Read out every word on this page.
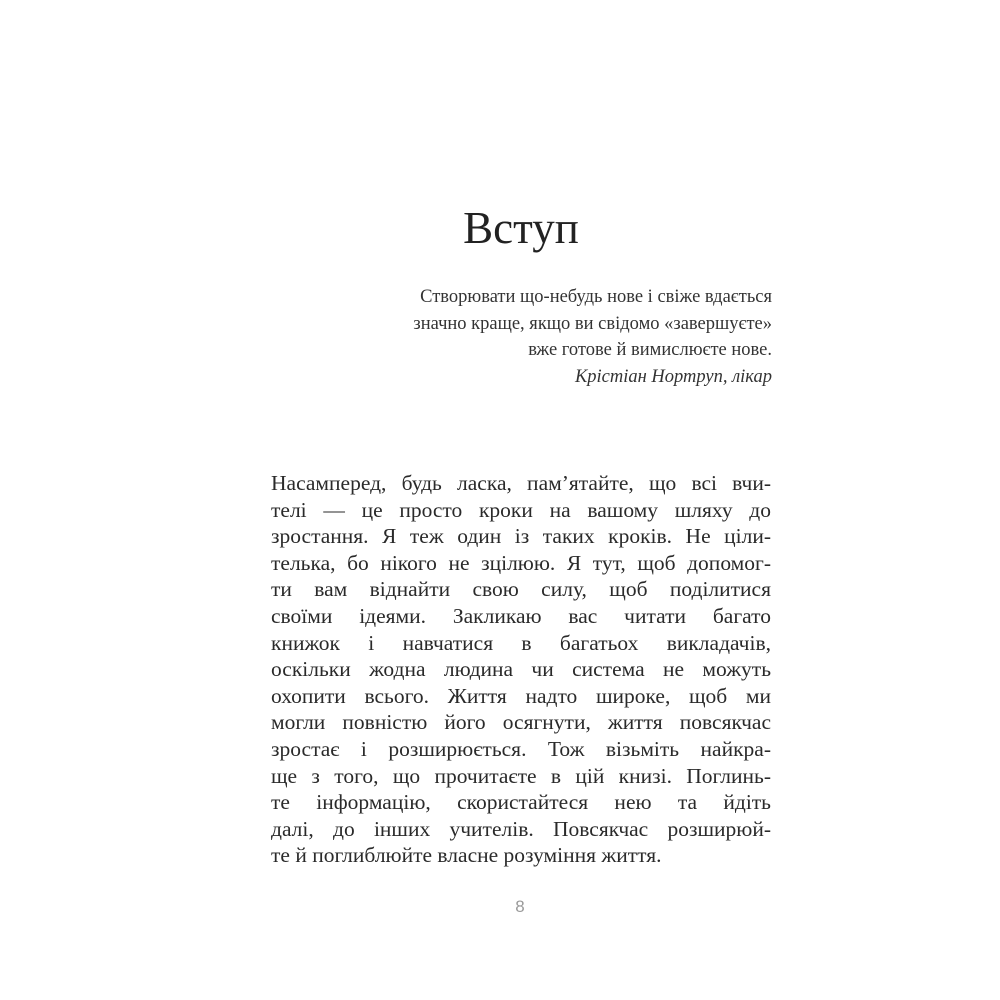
Вступ
Створювати що-небудь нове і свіже вдається
значно краще, якщо ви свідомо «завершуєте»
вже готове й вимислюєте нове.
Крістіан Нортруп, лікар
Насамперед, будь ласка, пам’ятайте, що всі вчи-
телі — це просто кроки на вашому шляху до
зростання. Я теж один із таких кроків. Не ціли-
телька, бо нікого не зцілюю. Я тут, щоб допомог-
ти вам віднайти свою силу, щоб поділитися
своїми ідеями. Закликаю вас читати багато
книжок і навчатися в багатьох викладачів,
оскільки жодна людина чи система не можуть
охопити всього. Життя надто широке, щоб ми
могли повністю його осягнути, життя повсякчас
зростає і розширюється. Тож візьміть найкра-
ще з того, що прочитаєте в цій книзі. Поглинь-
те інформацію, скористайтеся нею та йдіть
далі, до інших учителів. Повсякчас розширюй-
те й поглиблюйте власне розуміння життя.
8
